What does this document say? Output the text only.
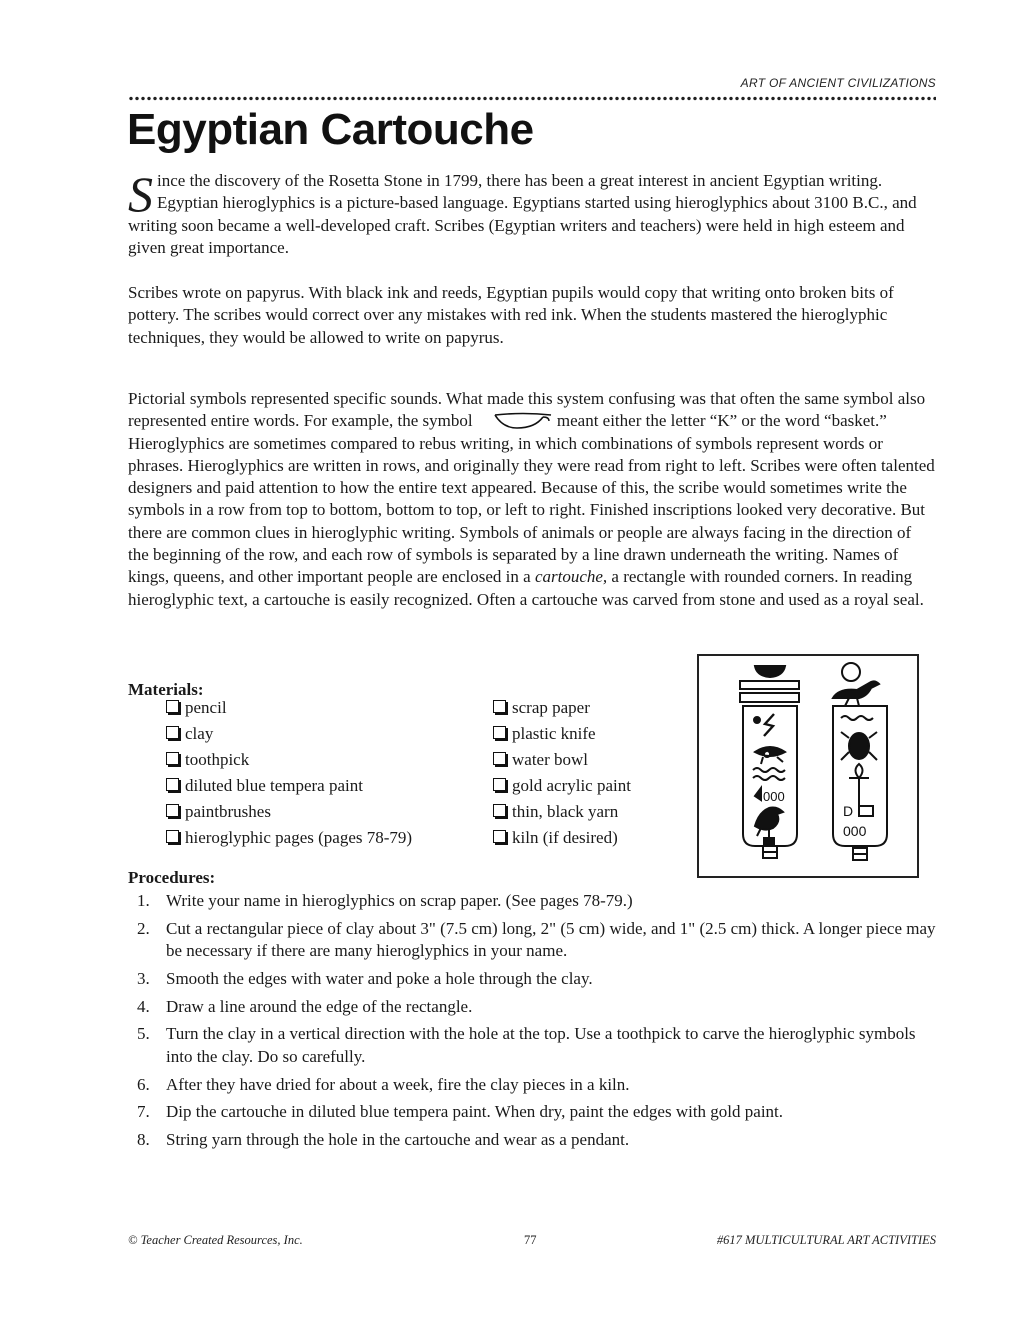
ART OF ANCIENT CIVILIZATIONS
Egyptian Cartouche

Since the discovery of the Rosetta Stone in 1799, there has been a great interest in ancient Egyptian writing. Egyptian hieroglyphics is a picture-based language. Egyptians started using hieroglyphics about 3100 B.C., and writing soon became a well-developed craft. Scribes (Egyptian writers and teachers) were held in high esteem and given great importance.

Scribes wrote on papyrus. With black ink and reeds, Egyptian pupils would copy that writing onto broken bits of pottery. The scribes would correct over any mistakes with red ink. When the students mastered the hieroglyphic techniques, they would be allowed to write on papyrus.

Pictorial symbols represented specific sounds. What made this system confusing was that often the same symbol also represented entire words. For example, the symbol	meant either the letter “K” or the word “basket.” Hieroglyphics are sometimes compared to rebus writing, in which combinations of symbols represent words or phrases. Hieroglyphics are written in rows, and originally they were read from right to left. Scribes were often talented designers and paid attention to how the entire text appeared. Because of this, the scribe would sometimes write the symbols in a row from top to bottom, bottom to top, or left to right. Finished inscriptions looked very decorative. But there are common clues in hieroglyphic writing. Symbols of animals or people are always facing in the direction of the beginning of the row, and each row of symbols is separated by a line drawn underneath the writing. Names of kings, queens, and other important people are enclosed in a cartouche, a rectangle with rounded corners. In reading hieroglyphic text, a cartouche is easily recognized. Often a cartouche was carved from stone and used as a royal seal.

Materials:
pencil
clay
toothpick
diluted blue tempera paint
paintbrushes
hieroglyphic pages (pages 78-79)
scrap paper
plastic knife
water bowl
gold acrylic paint
thin, black yarn
kiln (if desired)
000
D
000
Procedures:
1. Write your name in hieroglyphics on scrap paper. (See pages 78-79.)
2. Cut a rectangular piece of clay about 3" (7.5 cm) long, 2" (5 cm) wide, and 1" (2.5 cm) thick. A longer piece may be necessary if there are many hieroglyphics in your name.
3. Smooth the edges with water and poke a hole through the clay.
4. Draw a line around the edge of the rectangle.
5. Turn the clay in a vertical direction with the hole at the top. Use a toothpick to carve the hieroglyphic symbols into the clay. Do so carefully.
6. After they have dried for about a week, fire the clay pieces in a kiln.
7. Dip the cartouche in diluted blue tempera paint. When dry, paint the edges with gold paint.
8. String yarn through the hole in the cartouche and wear as a pendant.
© Teacher Created Resources, Inc.	77	#617 MULTICULTURAL ART ACTIVITIES
